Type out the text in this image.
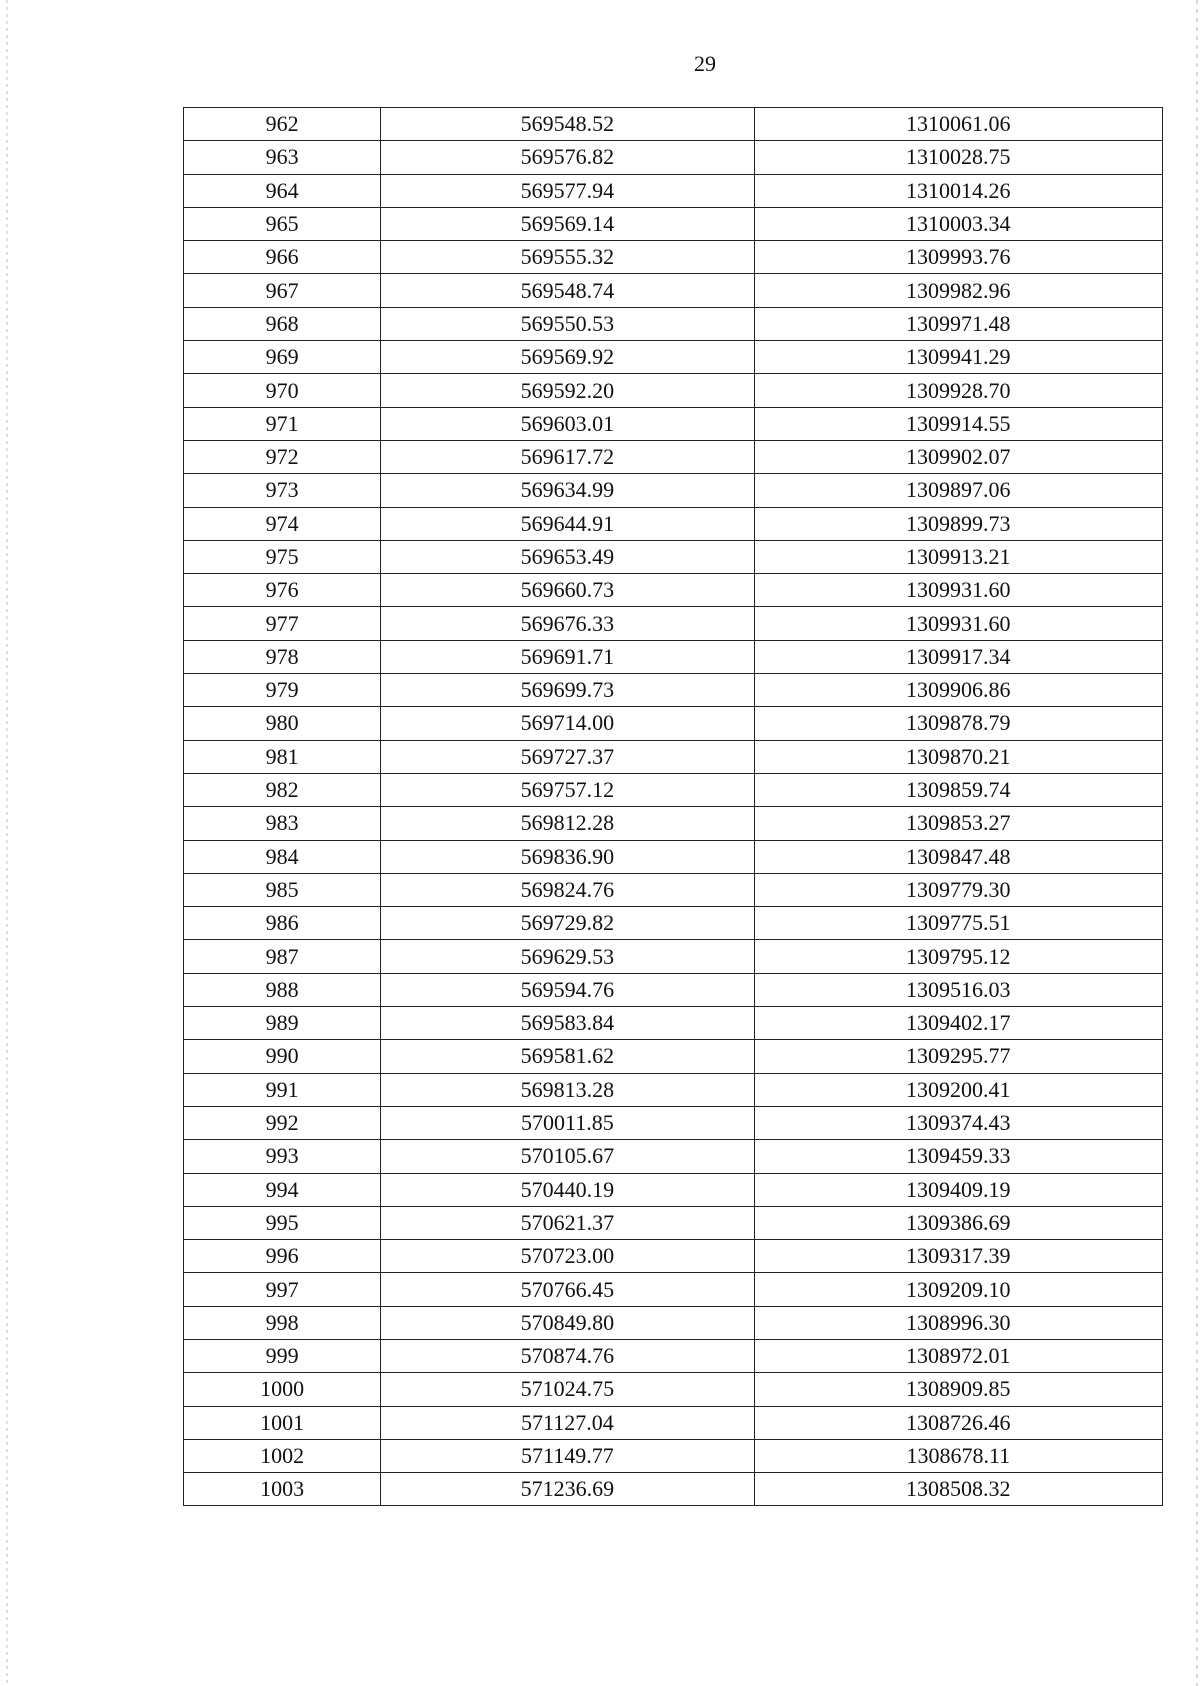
29
962	569548.52	1310061.06
963	569576.82	1310028.75
964	569577.94	1310014.26
965	569569.14	1310003.34
966	569555.32	1309993.76
967	569548.74	1309982.96
968	569550.53	1309971.48
969	569569.92	1309941.29
970	569592.20	1309928.70
971	569603.01	1309914.55
972	569617.72	1309902.07
973	569634.99	1309897.06
974	569644.91	1309899.73
975	569653.49	1309913.21
976	569660.73	1309931.60
977	569676.33	1309931.60
978	569691.71	1309917.34
979	569699.73	1309906.86
980	569714.00	1309878.79
981	569727.37	1309870.21
982	569757.12	1309859.74
983	569812.28	1309853.27
984	569836.90	1309847.48
985	569824.76	1309779.30
986	569729.82	1309775.51
987	569629.53	1309795.12
988	569594.76	1309516.03
989	569583.84	1309402.17
990	569581.62	1309295.77
991	569813.28	1309200.41
992	570011.85	1309374.43
993	570105.67	1309459.33
994	570440.19	1309409.19
995	570621.37	1309386.69
996	570723.00	1309317.39
997	570766.45	1309209.10
998	570849.80	1308996.30
999	570874.76	1308972.01
1000	571024.75	1308909.85
1001	571127.04	1308726.46
1002	571149.77	1308678.11
1003	571236.69	1308508.32
